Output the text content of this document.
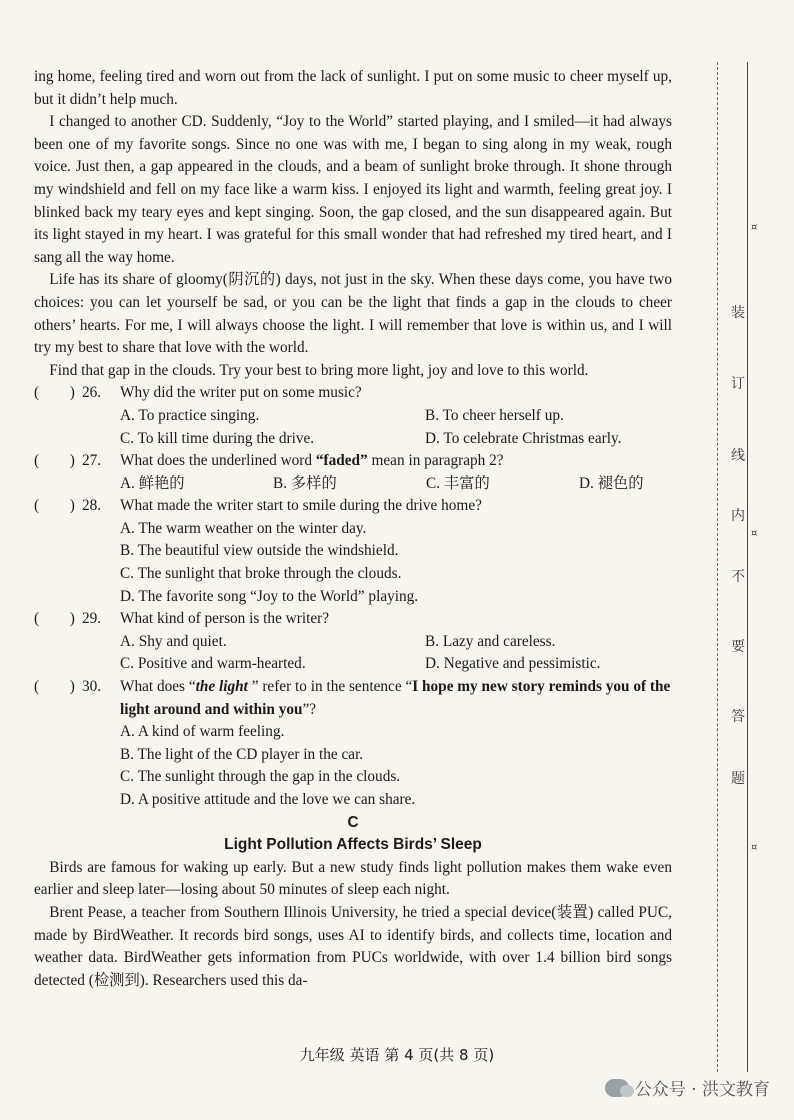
ing home, feeling tired and worn out from the lack of sunlight. I put on some music to cheer myself up, but it didn’t help much.

I changed to another CD. Suddenly, “Joy to the World” started playing, and I smiled—it had always been one of my favorite songs. Since no one was with me, I began to sing along in my weak, rough voice. Just then, a gap appeared in the clouds, and a beam of sunlight broke through. It shone through my windshield and fell on my face like a warm kiss. I enjoyed its light and warmth, feeling great joy. I blinked back my teary eyes and kept singing. Soon, the gap closed, and the sun disappeared again. But its light stayed in my heart. I was grateful for this small wonder that had refreshed my tired heart, and I sang all the way home.

Life has its share of gloomy(阴沉的) days, not just in the sky. When these days come, you have two choices: you can let yourself be sad, or you can be the light that finds a gap in the clouds to cheer others’ hearts. For me, I will always choose the light. I will remember that love is within us, and I will try my best to share that love with the world.

Find that gap in the clouds. Try your best to bring more light, joy and love to this world.

(        ) 26.	Why did the writer put on some music?
A. To practice singing.	B. To cheer herself up.
C. To kill time during the drive.	D. To celebrate Christmas early.
(        ) 27.	What does the underlined word “faded” mean in paragraph 2?
A. 鲜艳的	B. 多样的	C. 丰富的	D. 褪色的
(        ) 28.	What made the writer start to smile during the drive home?
A. The warm weather on the winter day.
B. The beautiful view outside the windshield.
C. The sunlight that broke through the clouds.
D. The favorite song “Joy to the World” playing.
(        ) 29.	What kind of person is the writer?
A. Shy and quiet.	B. Lazy and careless.
C. Positive and warm-hearted.	D. Negative and pessimistic.
(        ) 30.	What does “the light ” refer to in the sentence “I hope my new story reminds you of the light around and within you”?
A. A kind of warm feeling.
B. The light of the CD player in the car.
C. The sunlight through the gap in the clouds.
D. A positive attitude and the love we can share.
C
Light Pollution Affects Birds’ Sleep

Birds are famous for waking up early. But a new study finds light pollution makes them wake even earlier and sleep later—losing about 50 minutes of sleep each night.

Brent Pease, a teacher from Southern Illinois University, he tried a special device(装置) called PUC, made by BirdWeather. It records bird songs, uses AI to identify birds, and collects time, location and weather data. BirdWeather gets information from PUCs worldwide, with over 1.4 billion bird songs detected (检测到). Researchers used this da-

九年级 英语 第 4 页(共 8 页)
公众号 · 洪文教育
¤
¤
¤
装
订
线
内
不
要
答
题
